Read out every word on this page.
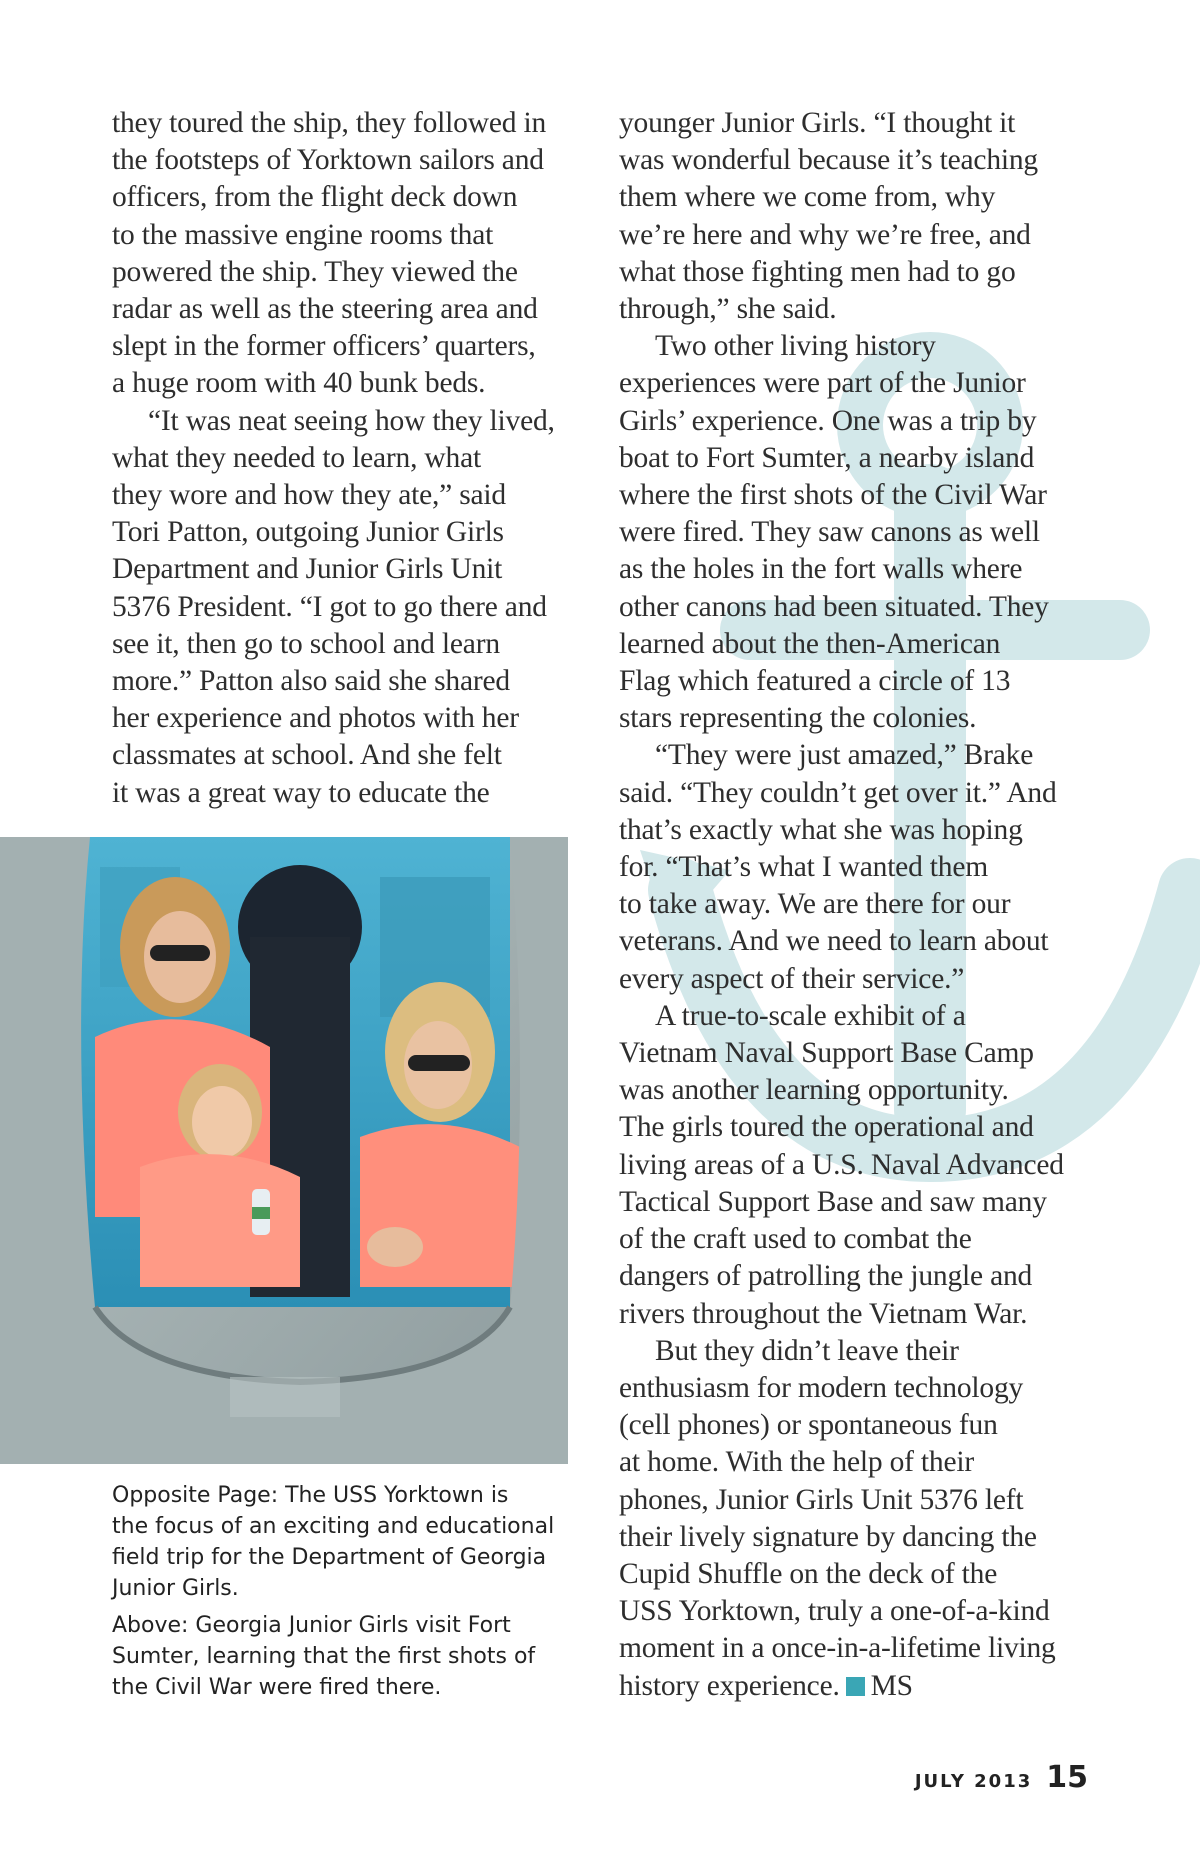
they toured the ship, they followed in
the footsteps of Yorktown sailors and
officers, from the flight deck down
to the massive engine rooms that
powered the ship. They viewed the
radar as well as the steering area and
slept in the former officers’ quarters,
a huge room with 40 bunk beds.
“It was neat seeing how they lived,
what they needed to learn, what
they wore and how they ate,” said
Tori Patton, outgoing Junior Girls
Department and Junior Girls Unit
5376 President. “I got to go there and
see it, then go to school and learn
more.” Patton also said she shared
her experience and photos with her
classmates at school. And she felt
it was a great way to educate the
younger Junior Girls. “I thought it
was wonderful because it’s teaching
them where we come from, why
we’re here and why we’re free, and
what those fighting men had to go
through,” she said.
Two other living history
experiences were part of the Junior
Girls’ experience. One was a trip by
boat to Fort Sumter, a nearby island
where the first shots of the Civil War
were fired. They saw canons as well
as the holes in the fort walls where
other canons had been situated. They
learned about the then-American
Flag which featured a circle of 13
stars representing the colonies.
“They were just amazed,” Brake
said. “They couldn’t get over it.” And
that’s exactly what she was hoping
for. “That’s what I wanted them
to take away. We are there for our
veterans. And we need to learn about
every aspect of their service.”
A true-to-scale exhibit of a
Vietnam Naval Support Base Camp
was another learning opportunity.
The girls toured the operational and
living areas of a U.S. Naval Advanced
Tactical Support Base and saw many
of the craft used to combat the
dangers of patrolling the jungle and
rivers throughout the Vietnam War.
But they didn’t leave their
enthusiasm for modern technology
(cell phones) or spontaneous fun
at home. With the help of their
phones, Junior Girls Unit 5376 left
their lively signature by dancing the
Cupid Shuffle on the deck of the
USS Yorktown, truly a one-of-a-kind
moment in a once-in-a-lifetime living
history experience. MS

Opposite Page: The USS Yorktown is
the focus of an exciting and educational
field trip for the Department of Georgia
Junior Girls.

Above: Georgia Junior Girls visit Fort
Sumter, learning that the first shots of
the Civil War were fired there.

JULY 2013 15
